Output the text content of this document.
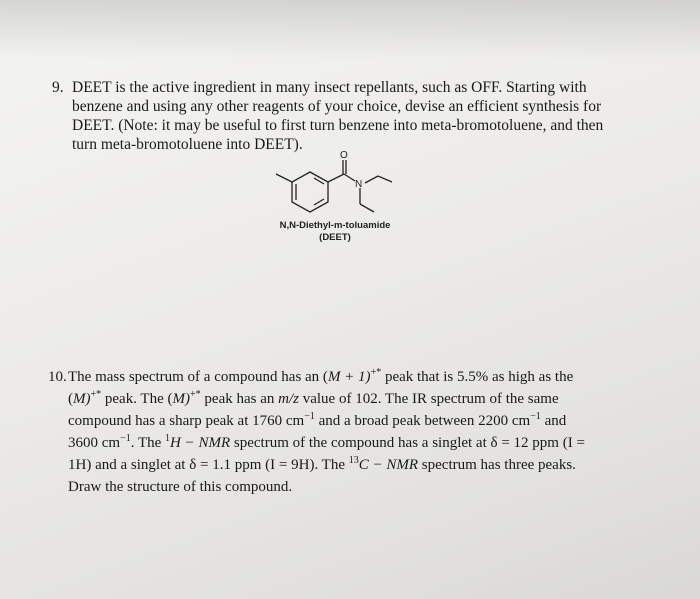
9. DEET is the active ingredient in many insect repellants, such as OFF. Starting with
benzene and using any other reagents of your choice, devise an efficient synthesis for
DEET. (Note: it may be useful to first turn benzene into meta-bromotoluene, and then
turn meta-bromotoluene into DEET).
O
N
N,N-Diethyl-m-toluamide
(DEET)
10. The mass spectrum of a compound has an (M + 1)+* peak that is 5.5% as high as the
(M)+* peak. The (M)+* peak has an m/z value of 102. The IR spectrum of the same
compound has a sharp peak at 1760 $cm^{-1}$ and a broad peak between 2200 $cm^{-1}$ and
3600 $cm^{-1}$. The $^1$H − NMR spectrum of the compound has a singlet at δ = 12 ppm (I =
1H) and a singlet at δ = 1.1 ppm (I = 9H). The $^{13}$C − NMR spectrum has three peaks.
Draw the structure of this compound.
